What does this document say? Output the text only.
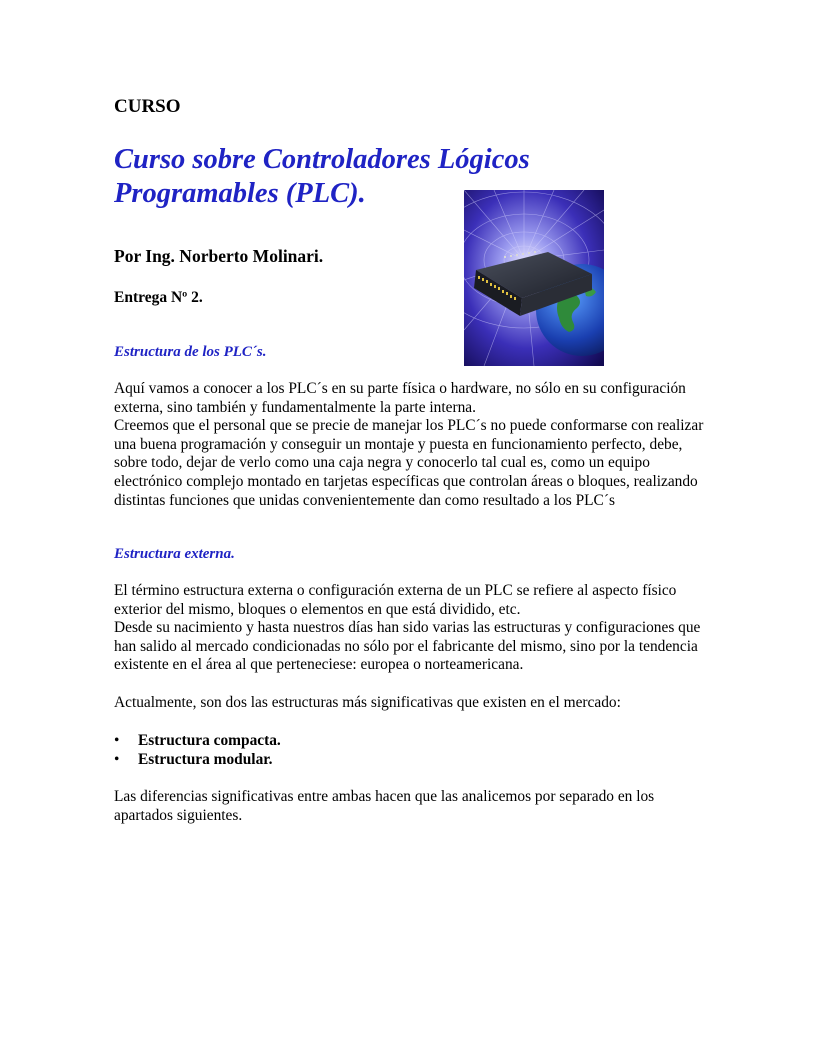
CURSO
Curso sobre Controladores Lógicos Programables (PLC).
Por Ing. Norberto Molinari.
Entrega Nº 2.
Estructura de los PLC´s.

Aquí vamos a conocer a los PLC´s en su parte física o hardware, no sólo en su configuración externa, sino también y fundamentalmente la parte interna.
Creemos que el personal que se precie de manejar los PLC´s no puede conformarse con realizar una buena programación y conseguir un montaje y puesta en funcionamiento perfecto, debe, sobre todo, dejar de verlo como una caja negra y conocerlo tal cual es, como un equipo electrónico complejo montado en tarjetas específicas que controlan áreas o bloques, realizando distintas funciones que unidas convenientemente dan como resultado a los PLC´s

Estructura externa.

El término estructura externa o configuración externa de un PLC se refiere al aspecto físico exterior del mismo, bloques o elementos en que está dividido, etc.
Desde su nacimiento y hasta nuestros días han sido varias las estructuras y configuraciones que han salido al mercado condicionadas no sólo por el fabricante del mismo, sino por la tendencia existente en el área al que perteneciese: europea o norteamericana.

Actualmente, son dos las estructuras más significativas que existen en el mercado:

• Estructura compacta.
• Estructura modular.

Las diferencias significativas entre ambas hacen que las analicemos por separado en los apartados siguientes.
